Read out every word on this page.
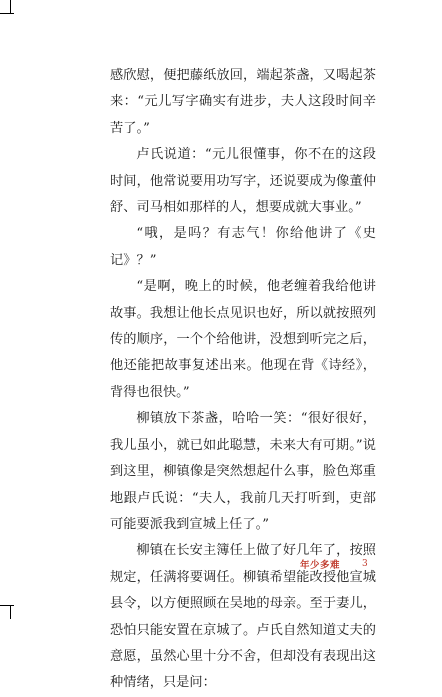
感欣慰，便把藤纸放回，端起茶盏，又喝起茶来：“元儿写字确实有进步，夫人这段时间辛苦了。”

卢氏说道：“元儿很懂事，你不在的这段时间，他常说要用功写字，还说要成为像董仲舒、司马相如那样的人，想要成就大事业。”

“哦，是吗？有志气！你给他讲了《史记》？”

“是啊，晚上的时候，他老缠着我给他讲故事。我想让他长点见识也好，所以就按照列传的顺序，一个个给他讲，没想到听完之后，他还能把故事复述出来。他现在背《诗经》，背得也很快。”

柳镇放下茶盏，哈哈一笑：“很好很好，我儿虽小，就已如此聪慧，未来大有可期。”说到这里，柳镇像是突然想起什么事，脸色郑重地跟卢氏说：“夫人，我前几天打听到，吏部可能要派我到宣城上任了。”

柳镇在长安主簿任上做了好几年了，按照规定，任满将要调任。柳镇希望能改授他宣城县令，以方便照顾在吴地的母亲。至于妻儿，恐怕只能安置在京城了。卢氏自然知道丈夫的意愿，虽然心里十分不舍，但却没有表现出这种情绪，只是问：

年少多难 3
